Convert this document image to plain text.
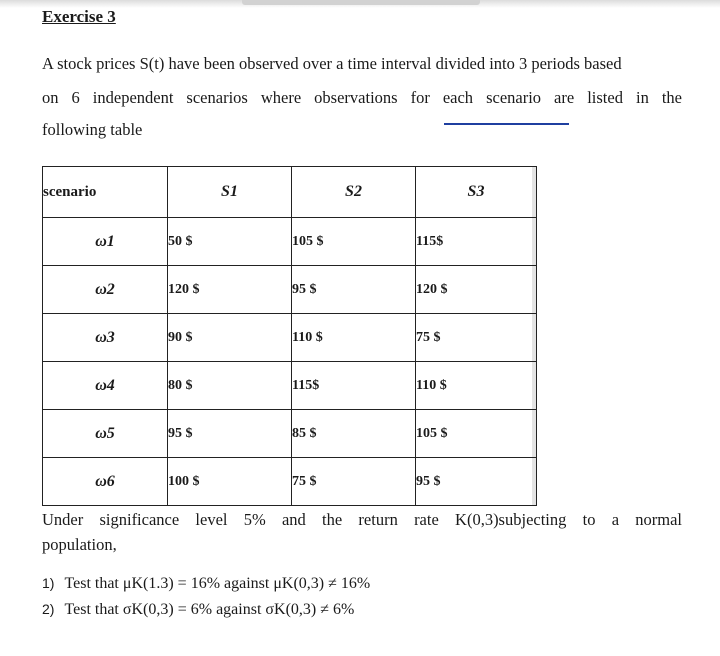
Exercise 3
A stock prices S(t) have been observed over a time interval divided into 3 periods based
on 6 independent scenarios where observations for each scenario are listed in the
following table
scenario	S1	S2	S3
ω1	50 $	105 $	115$
ω2	120 $	95 $	120 $
ω3	90 $	110 $	75 $
ω4	80 $	115$	110 $
ω5	95 $	85 $	105 $
ω6	100 $	75 $	95 $
Under significance level 5% and the return rate K(0,3)subjecting to a normal
population,
1) Test that μK(1.3) = 16% against μK(0,3) ≠ 16%
2) Test that σK(0,3) = 6% against σK(0,3) ≠ 6%
